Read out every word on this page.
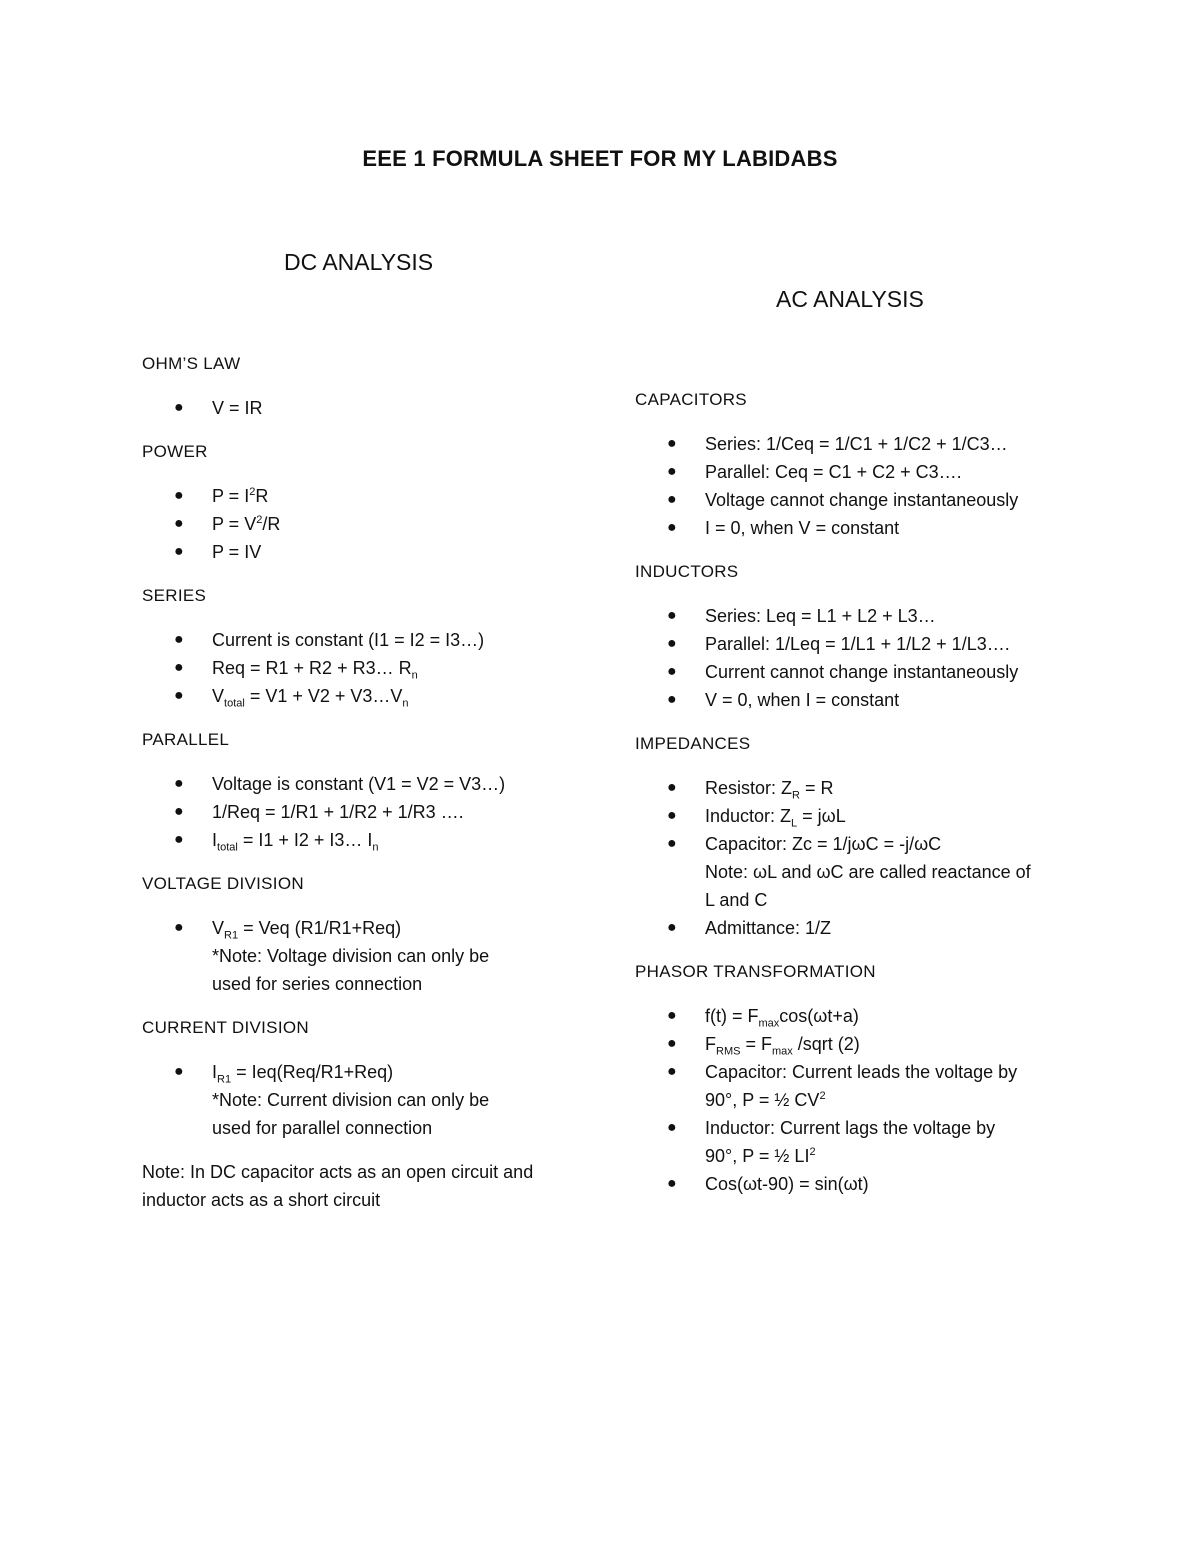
EEE 1 FORMULA SHEET FOR MY LABIDABS
DC ANALYSIS
AC ANALYSIS
OHM’S LAW
● V = IR
POWER
● $P = I^2R$
● $P = V^2/R$
● P = IV
SERIES
● Current is constant (I1 = I2 = I3…)
● Req = R1 + R2 + R3… $R_n$
● $V_{total} = V1 + V2$ + $V3\dots V_n$
PARALLEL
● Voltage is constant (V1 = V2 = V3…)
● 1/Req = 1/R1 + 1/R2 + 1/R3 ….
● $I_{total} = I1 + I2$ + I3… $I_n$
VOLTAGE DIVISION
● $V_{R1}$ = Veq (R1/R1+Req)
*Note: Voltage division can only be
used for series connection
CURRENT DIVISION
● $I_{R1} = Ieq(Req/R1+Req)$
*Note: Current division can only be
used for parallel connection
Note: In DC capacitor acts as an open circuit and
inductor acts as a short circuit
CAPACITORS
● Series: 1/Ceq = 1/C1 + 1/C2 + 1/C3…
● Parallel: Ceq = C1 + C2 + C3….
● Voltage cannot change instantaneously
● I = 0, when V = constant
INDUCTORS
● Series: Leq = L1 + L2 + L3…
● Parallel: 1/Leq = 1/L1 + 1/L2 + 1/L3….
● Current cannot change instantaneously
● V = 0, when I = constant
IMPEDANCES
● Resistor: $Z_R = R$
● Inductor: $Z_L = j\omega L$
● Capacitor: Zc = 1/jωC = -j/ωC
Note: ωL and ωC are called reactance of
L and C
● Admittance: 1/Z
PHASOR TRANSFORMATION
● $f(t) = F_{max}\cos(\omega t+a)$
● $F_{RMS} = F_{max}$ /sqrt (2)
● Capacitor: Current leads the voltage by
90°, P = ½ $CV^2$
● Inductor: Current lags the voltage by
90°, P = ½ $LI^2$
● Cos(ωt-90) = sin(ωt)
